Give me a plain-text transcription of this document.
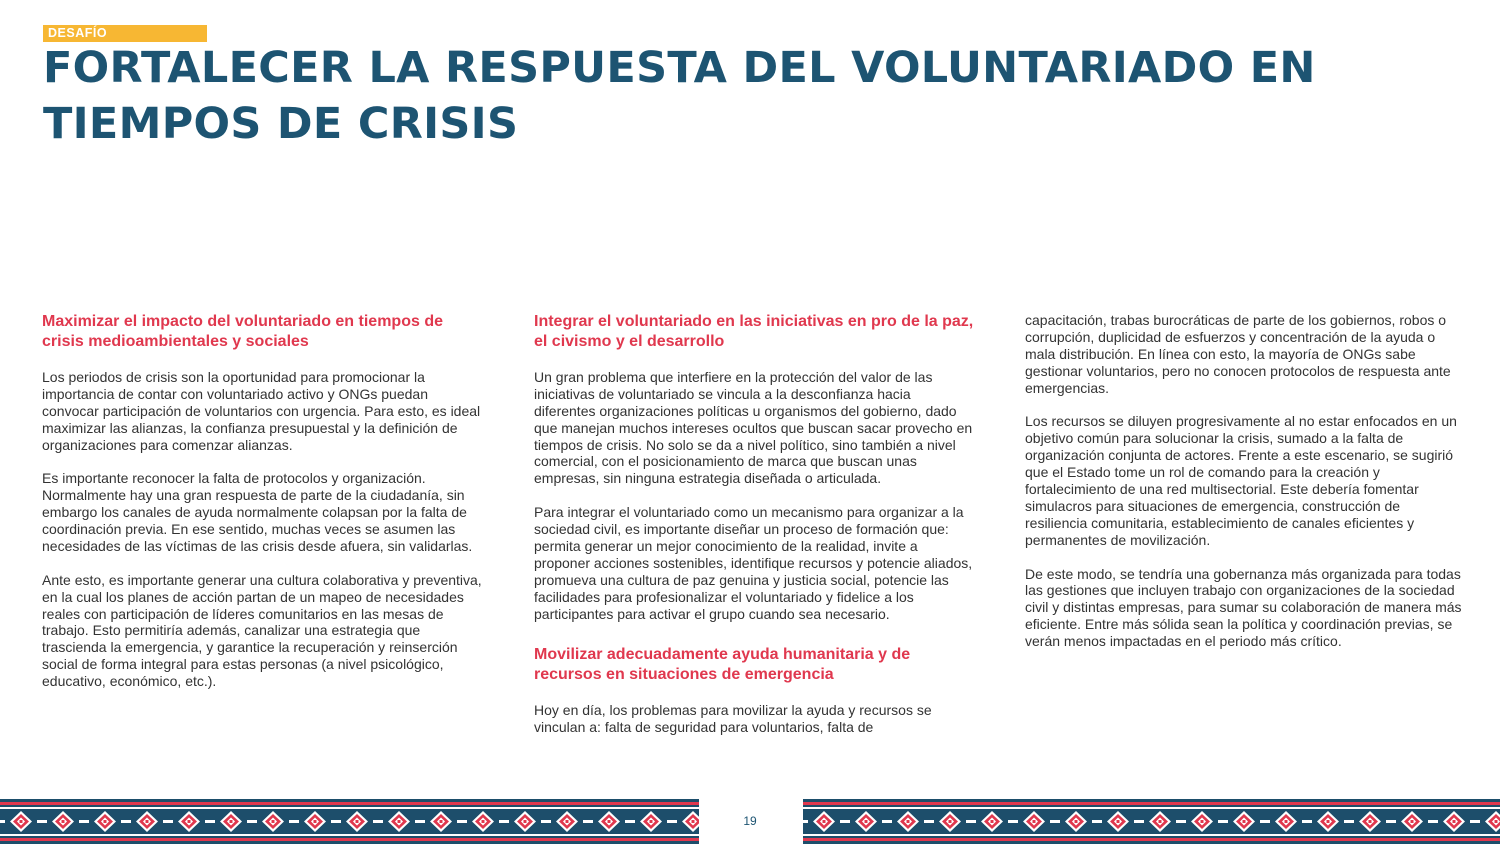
DESAFÍO
FORTALECER LA RESPUESTA DEL VOLUNTARIADO EN TIEMPOS DE CRISIS
Maximizar el impacto del voluntariado en tiempos de crisis medioambientales y sociales

Los periodos de crisis son la oportunidad para promocionar la importancia de contar con voluntariado activo y ONGs puedan convocar participación de voluntarios con urgencia. Para esto, es ideal maximizar las alianzas, la confianza presupuestal y la definición de organizaciones para comenzar alianzas.

Es importante reconocer la falta de protocolos y organización. Normalmente hay una gran respuesta de parte de la ciudadanía, sin embargo los canales de ayuda normalmente colapsan por la falta de coordinación previa. En ese sentido, muchas veces se asumen las necesidades de las víctimas de las crisis desde afuera, sin validarlas.

Ante esto, es importante generar una cultura colaborativa y preventiva, en la cual los planes de acción partan de un mapeo de necesidades reales con participación de líderes comunitarios en las mesas de trabajo. Esto permitiría además, canalizar una estrategia que trascienda la emergencia, y garantice la recuperación y reinserción social de forma integral para estas personas (a nivel psicológico, educativo, económico, etc.).

Integrar el voluntariado en las iniciativas en pro de la paz, el civismo y el desarrollo

Un gran problema que interfiere en la protección del valor de las iniciativas de voluntariado se vincula a la desconfianza hacia diferentes organizaciones políticas u organismos del gobierno, dado que manejan muchos intereses ocultos que buscan sacar provecho en tiempos de crisis. No solo se da a nivel político, sino también a nivel comercial, con el posicionamiento de marca que buscan unas empresas, sin ninguna estrategia diseñada o articulada.

Para integrar el voluntariado como un mecanismo para organizar a la sociedad civil, es importante diseñar un proceso de formación que: permita generar un mejor conocimiento de la realidad, invite a proponer acciones sostenibles, identifique recursos y potencie aliados, promueva una cultura de paz genuina y justicia social, potencie las facilidades para profesionalizar el voluntariado y fidelice a los participantes para activar el grupo cuando sea necesario.

Movilizar adecuadamente ayuda humanitaria y de recursos en situaciones de emergencia

Hoy en día, los problemas para movilizar la ayuda y recursos se vinculan a: falta de seguridad para voluntarios, falta de

capacitación, trabas burocráticas de parte de los gobiernos, robos o corrupción, duplicidad de esfuerzos y concentración de la ayuda o mala distribución. En línea con esto, la mayoría de ONGs sabe gestionar voluntarios, pero no conocen protocolos de respuesta ante emergencias.

Los recursos se diluyen progresivamente al no estar enfocados en un objetivo común para solucionar la crisis, sumado a la falta de organización conjunta de actores. Frente a este escenario, se sugirió que el Estado tome un rol de comando para la creación y fortalecimiento de una red multisectorial. Este debería fomentar simulacros para situaciones de emergencia, construcción de resiliencia comunitaria, establecimiento de canales eficientes y permanentes de movilización.

De este modo, se tendría una gobernanza más organizada para todas las gestiones que incluyen trabajo con organizaciones de la sociedad civil y distintas empresas, para sumar su colaboración de manera más eficiente. Entre más sólida sean la política y coordinación previas, se verán menos impactadas en el periodo más crítico.

19
